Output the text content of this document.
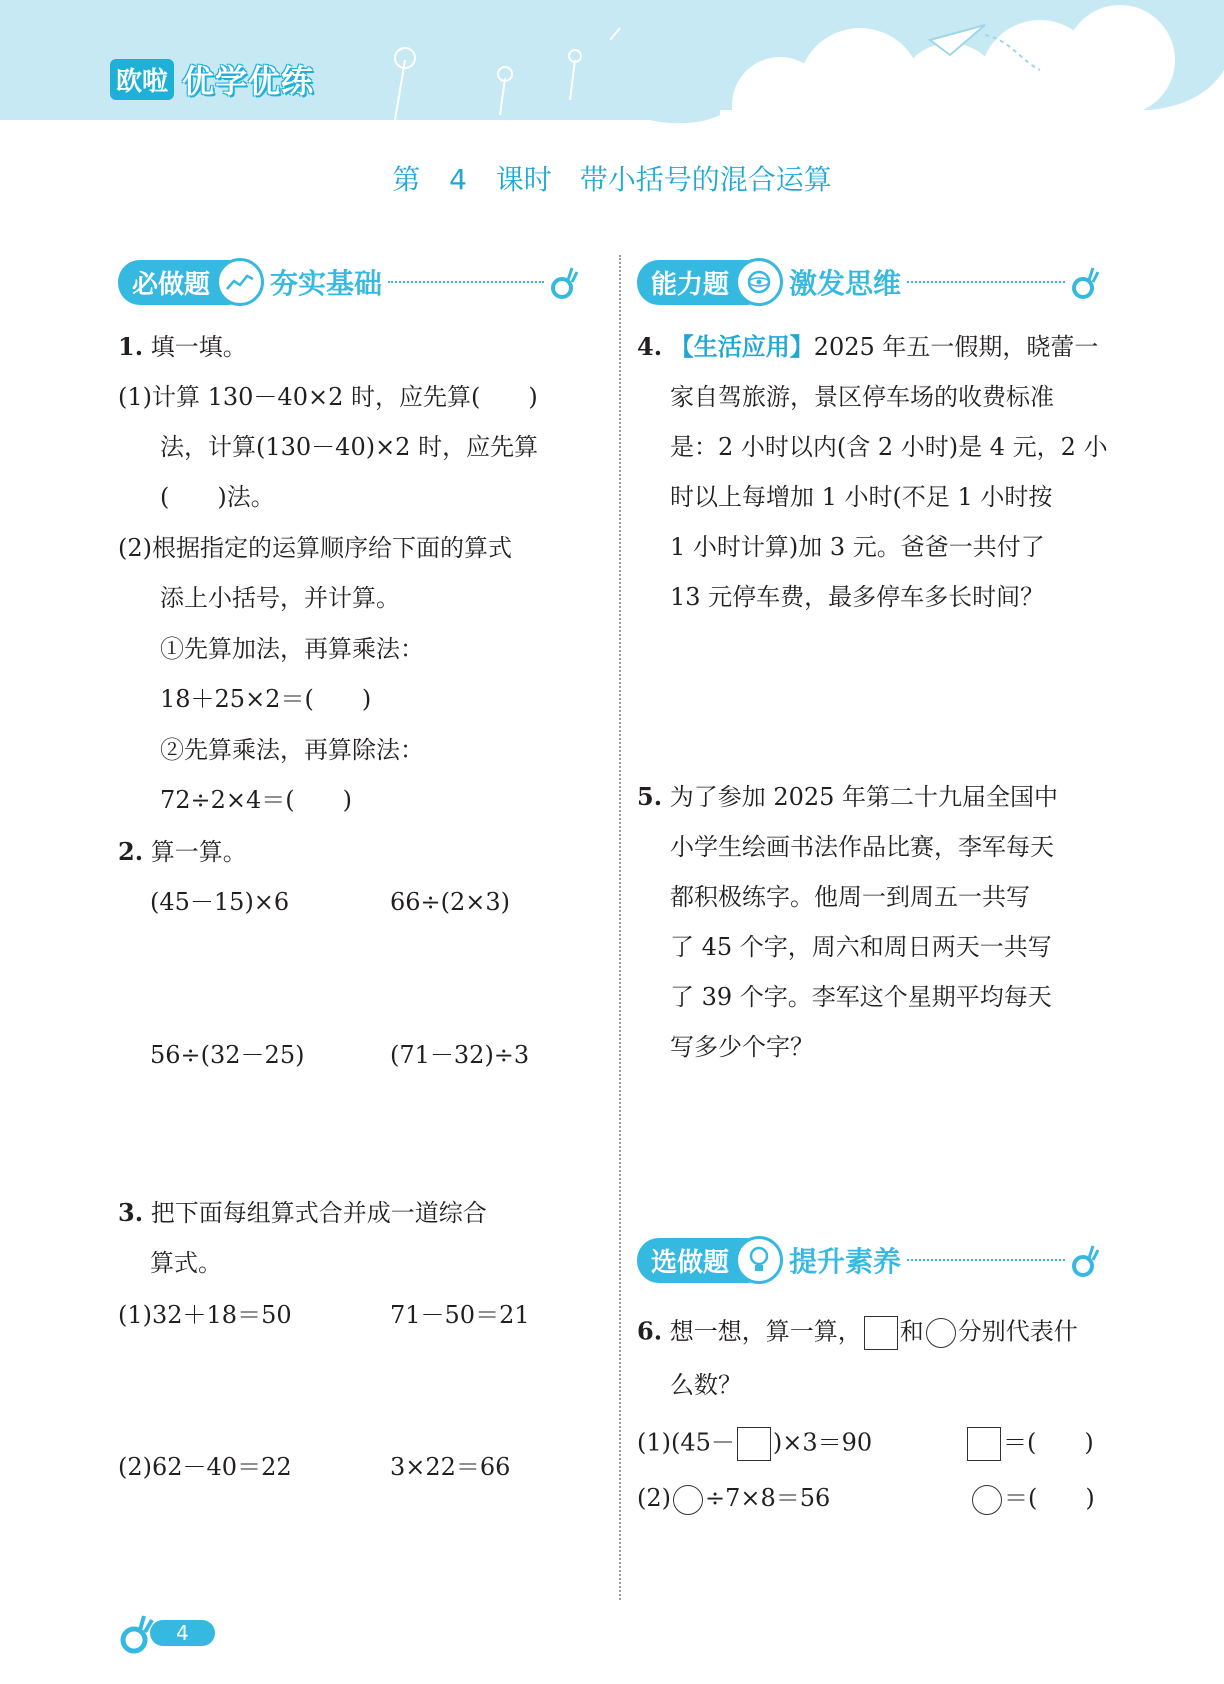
欧啦 优学优练
第 4 课时　带小括号的混合运算
必做题	夯实基础	能力题	激发思维
1. 填一填。
(1)计算 130－40×2 时，应先算(　　)
法，计算(130－40)×2 时，应先算
(　　)法。
(2)根据指定的运算顺序给下面的算式
添上小括号，并计算。
①先算加法，再算乘法：
18＋25×2＝(　　)
②先算乘法，再算除法：
72÷2×4＝(　　)
2. 算一算。
(45－15)×6	66÷(2×3)
56÷(32－25)	(71－32)÷3
3. 把下面每组算式合并成一道综合
算式。
(1)32＋18＝50	71－50＝21
(2)62－40＝22	3×22＝66
4. 【生活应用】2025 年五一假期，晓蕾一
家自驾旅游，景区停车场的收费标准
是：2 小时以内(含 2 小时)是 4 元，2 小
时以上每增加 1 小时(不足 1 小时按
1 小时计算)加 3 元。爸爸一共付了
13 元停车费，最多停车多长时间？
5. 为了参加 2025 年第二十九届全国中
小学生绘画书法作品比赛，李军每天
都积极练字。他周一到周五一共写
了 45 个字，周六和周日两天一共写
了 39 个字。李军这个星期平均每天
写多少个字？
选做题	提升素养
6. 想一想，算一算， 和 分别代表什
么数？
(1)(45－ )×3＝90	＝(　　)
(2) ÷7×8＝56	＝(　　)
4
